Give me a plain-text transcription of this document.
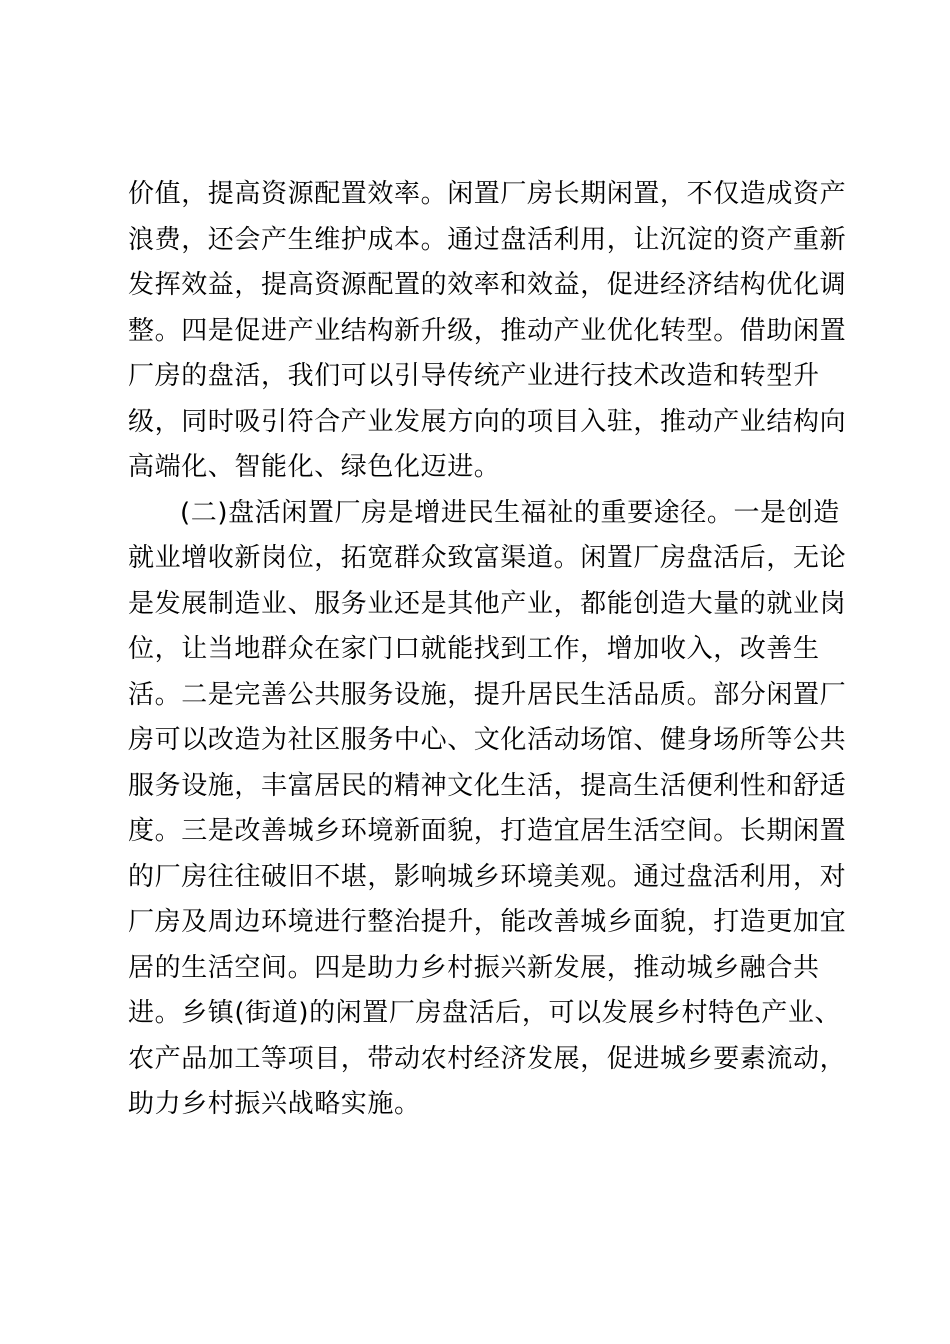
价值，提高资源配置效率。闲置厂房长期闲置，不仅造成资产
浪费，还会产生维护成本。通过盘活利用，让沉淀的资产重新
发挥效益，提高资源配置的效率和效益，促进经济结构优化调
整。四是促进产业结构新升级，推动产业优化转型。借助闲置
厂房的盘活，我们可以引导传统产业进行技术改造和转型升
级，同时吸引符合产业发展方向的项目入驻，推动产业结构向
高端化、智能化、绿色化迈进。
(二)盘活闲置厂房是增进民生福祉的重要途径。一是创造
就业增收新岗位，拓宽群众致富渠道。闲置厂房盘活后，无论
是发展制造业、服务业还是其他产业，都能创造大量的就业岗
位，让当地群众在家门口就能找到工作，增加收入，改善生
活。二是完善公共服务设施，提升居民生活品质。部分闲置厂
房可以改造为社区服务中心、文化活动场馆、健身场所等公共
服务设施，丰富居民的精神文化生活，提高生活便利性和舒适
度。三是改善城乡环境新面貌，打造宜居生活空间。长期闲置
的厂房往往破旧不堪，影响城乡环境美观。通过盘活利用，对
厂房及周边环境进行整治提升，能改善城乡面貌，打造更加宜
居的生活空间。四是助力乡村振兴新发展，推动城乡融合共
进。乡镇(街道)的闲置厂房盘活后，可以发展乡村特色产业、
农产品加工等项目，带动农村经济发展，促进城乡要素流动，
助力乡村振兴战略实施。
